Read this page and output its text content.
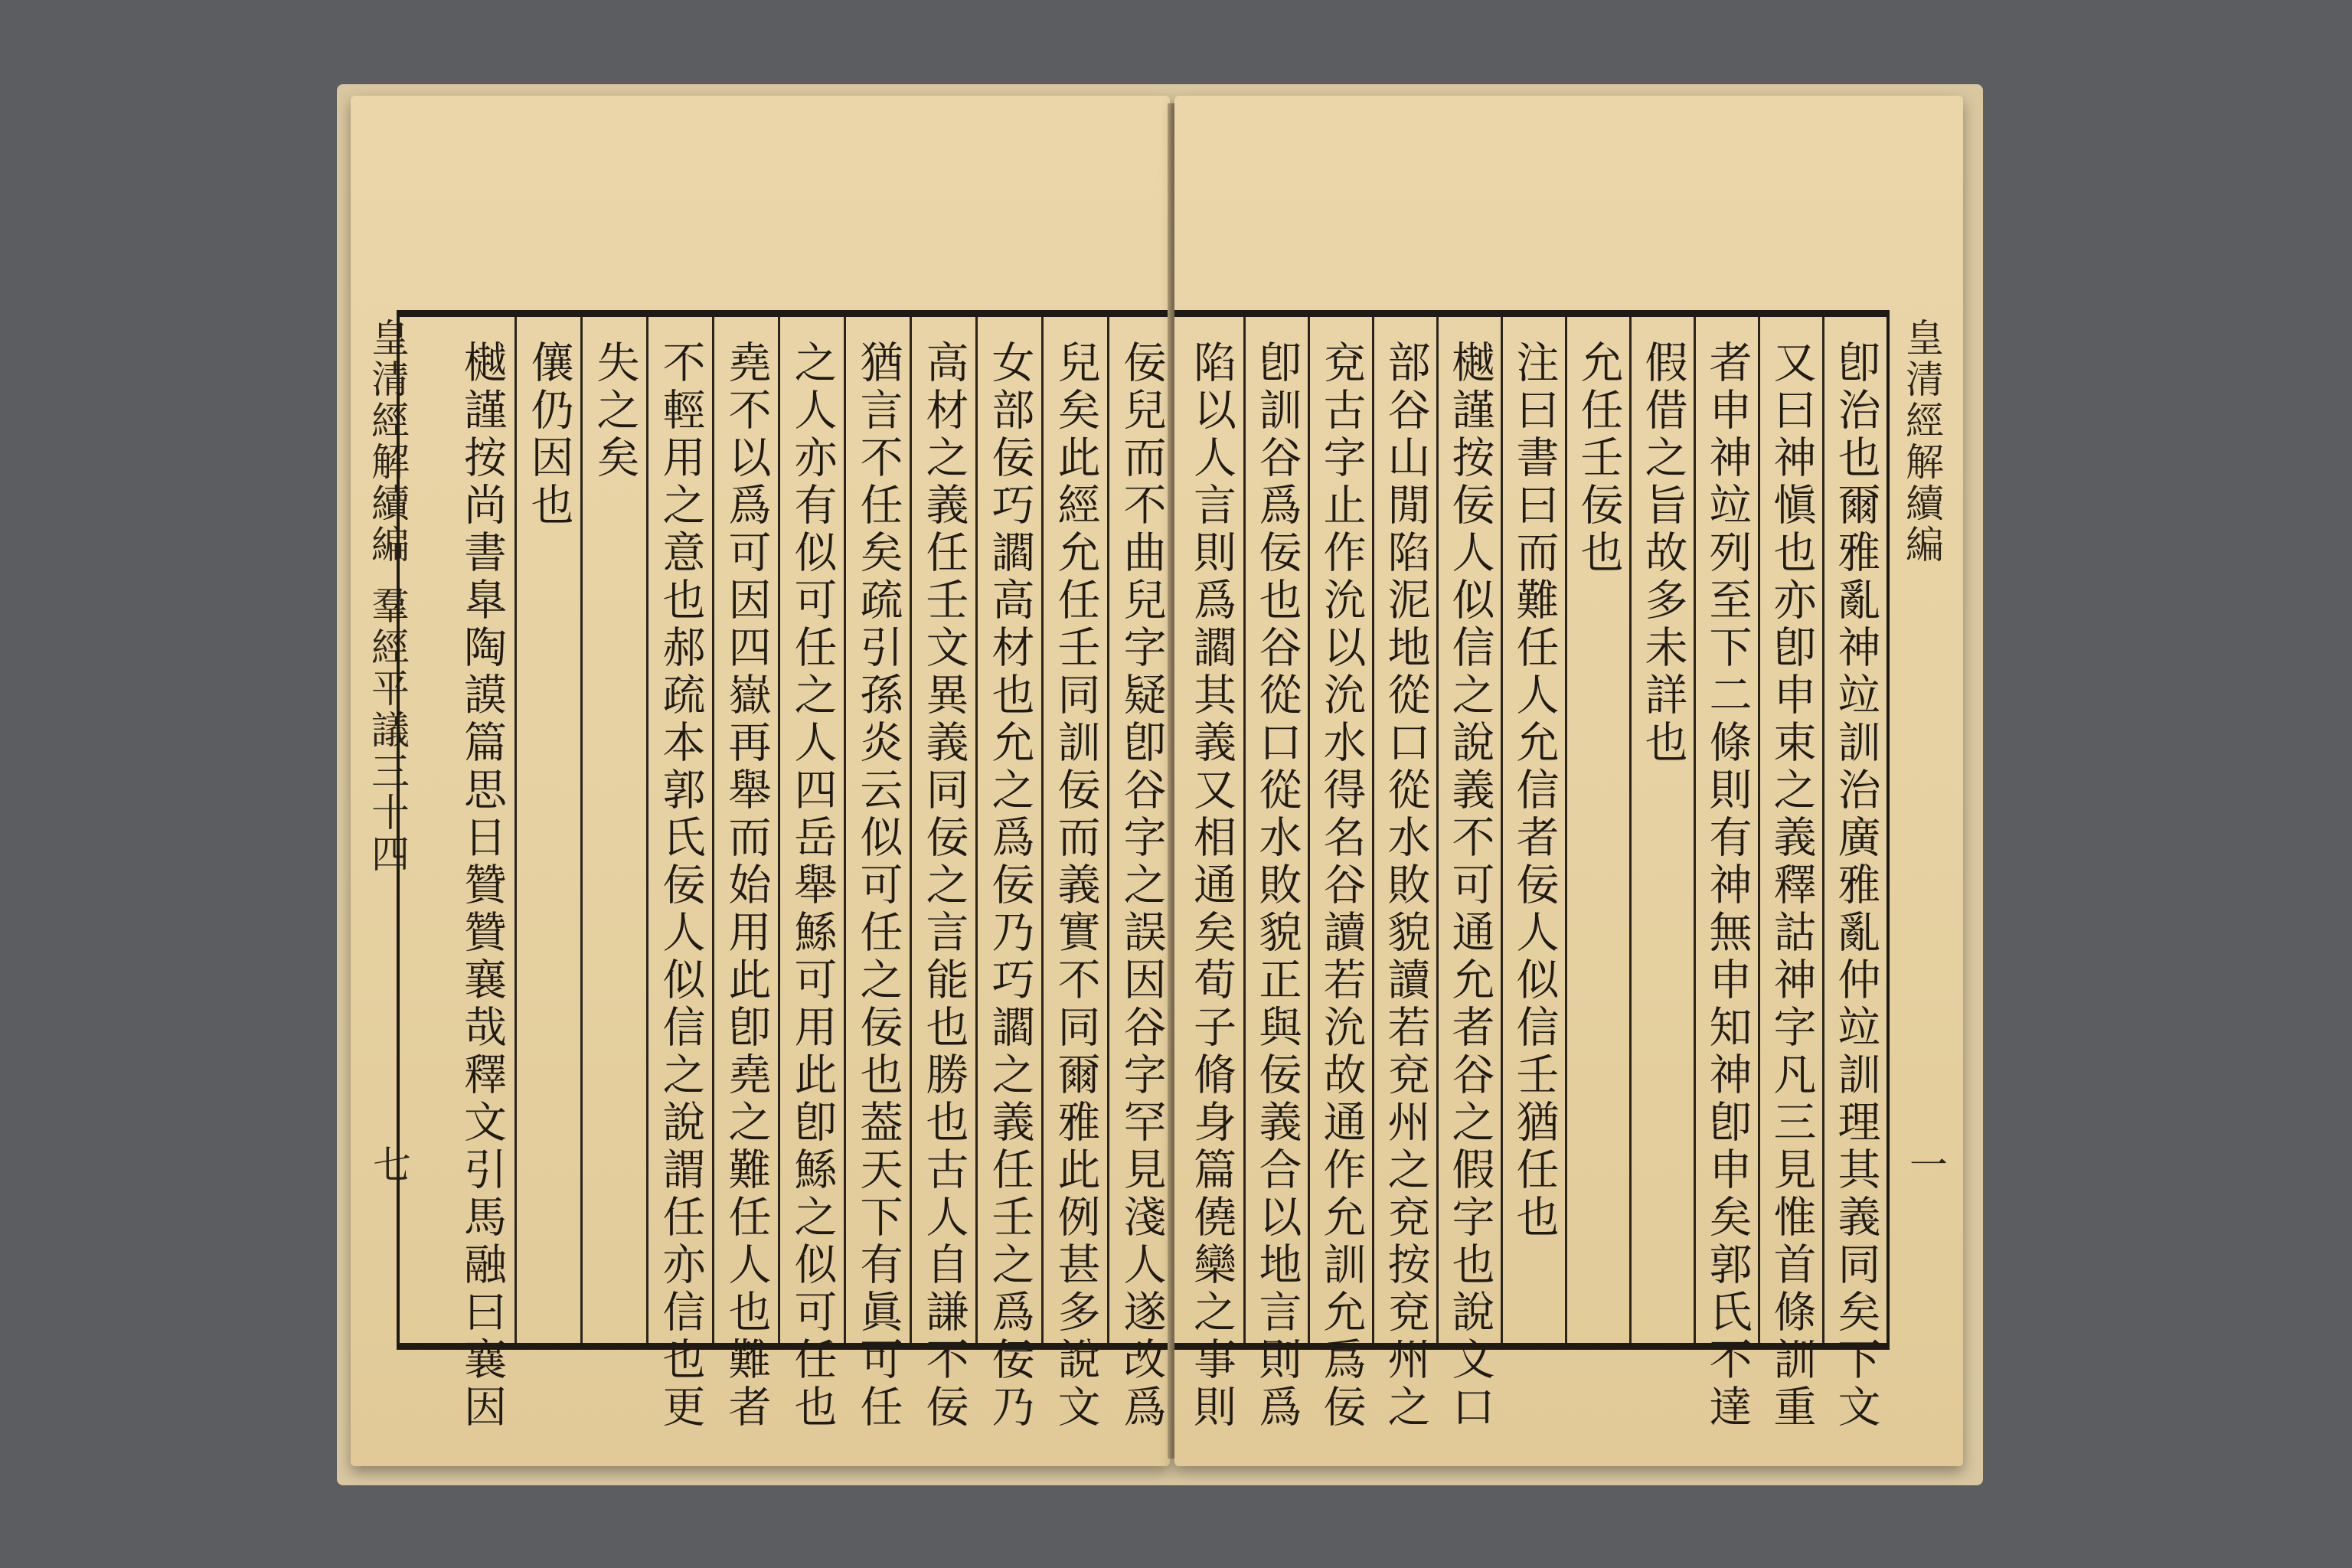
皇清經解續編
羣經平議三十四
七	佞兒而不曲兒字疑卽谷字之誤因谷字罕見淺人遂改爲
兒矣此經允任壬同訓佞而義實不同爾雅此例甚多說文
女部佞巧讇高材也允之爲佞乃巧讇之義任壬之爲佞乃
高材之義任壬文異義同佞之言能也勝也古人自謙不佞
猶言不任矣疏引孫炎云似可任之佞也葢天下有眞可任
之人亦有似可任之人四岳舉鯀可用此卽鯀之似可任也
堯不以爲可因四嶽再舉而始用此卽堯之難任人也難者
不輕用之意也郝疏本郭氏佞人似信之說謂任亦信也更
失之矣
儴仍因也
樾謹按尚書臯陶謨篇思日贊贊襄哉釋文引馬融曰襄因	卽治也爾雅亂神竝訓治廣雅亂仲竝訓理其義同矣下文
又曰神愼也亦卽申束之義釋詁神字凡三見惟首條訓重
者申神竝列至下二條則有神無申知神卽申矣郭氏不達
假借之旨故多未詳也
允任壬佞也
注曰書曰而難任人允信者佞人似信壬猶任也
樾謹按佞人似信之說義不可通允者谷之假字也說文口
部谷山閒陷泥地從口從水敗貌讀若兗州之兗按兗州之
兗古字止作沇以沇水得名谷讀若沇故通作允訓允爲佞
卽訓谷爲佞也谷從口從水敗貌正與佞義合以地言則爲
陷以人言則爲讇其義又相通矣荀子脩身篇僥欒之事則	皇清經解續編
一
